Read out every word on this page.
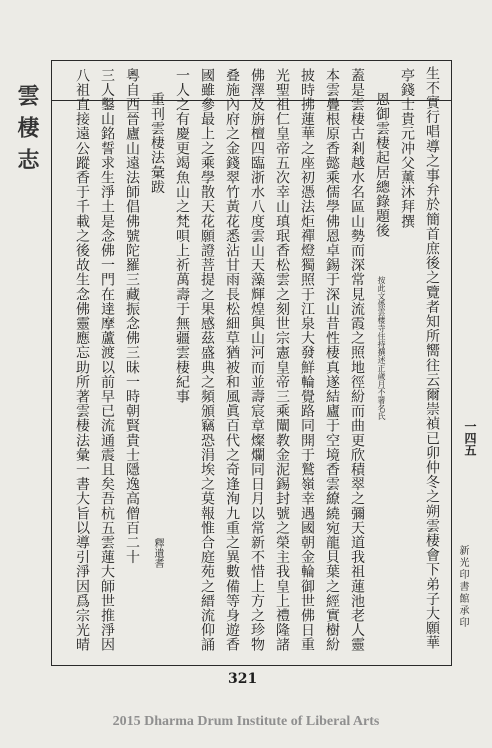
雲棲志
一四五
生不實行唱導之事弁於簡首庶後之覽者知所嚮往云爾崇禎已卯仲冬之朔雲棲會下弟子大願華
亭錢士貴元冲父薰沐拜撰
恩御雲棲起居總錄題後
按此文係雲棲寺住持撰述正歲月不署名氏
蓋是雲棲古剎越水名區山勢而深常見流霞之照地徑紛而曲更欣積翠之彌天道我祖蓮池老人靈
本雲疊根原香懿乘儒學佛恩卓錫于深山昔性棲真遂結廬于空境香雲繚繞宛龍貝葉之經實樹紛
披時拂蓮華之座初憑法炬禪燈獨照于江泉大發鮮輪覺路同開于鷲嶺幸遇國朝金輪御世佛日重
光聖祖仁皇帝五次幸山瑱珉香松雲之刻世宗憲皇帝三乘闡教金泥錫封號之榮主我皇上禮隆諸
佛澤及旃檀四臨浙水八度雲山天藻輝煌與山河而並壽宸章燦爛同日月以常新不惜上方之珍物
叠施內府之金錢翠竹黃花悉沾甘雨長松細草猶被和風眞百代之奇逢洵九重之異數備等身遊香
國雖參最上之乘學散天花願證菩提之果感茲盛典之頻頒竊恐涓埃之莫報惟合庭苑之縉流仰誦
一人之有慶更竭魚山之梵唄上祈萬壽于無疆雲棲紀事
重刊雲棲法彙跋
釋遺耆
粵自西晉廬山遠法師倡佛號陀羅三藏振念佛三昧一時朝賢貴士隱逸高僧百二十
三人鑿山銘誓求生淨土是念佛一門在達摩蘆渡以前早已流通震且矣吾杭五雲蓮大師世推淨因
八祖直接遠公蹤香于千載之後故生念佛靈應忘助所著雲棲法彙一書大旨以導引淨因爲宗光晴	新光印書館承印
321
2015 Dharma Drum Institute of Liberal Arts
